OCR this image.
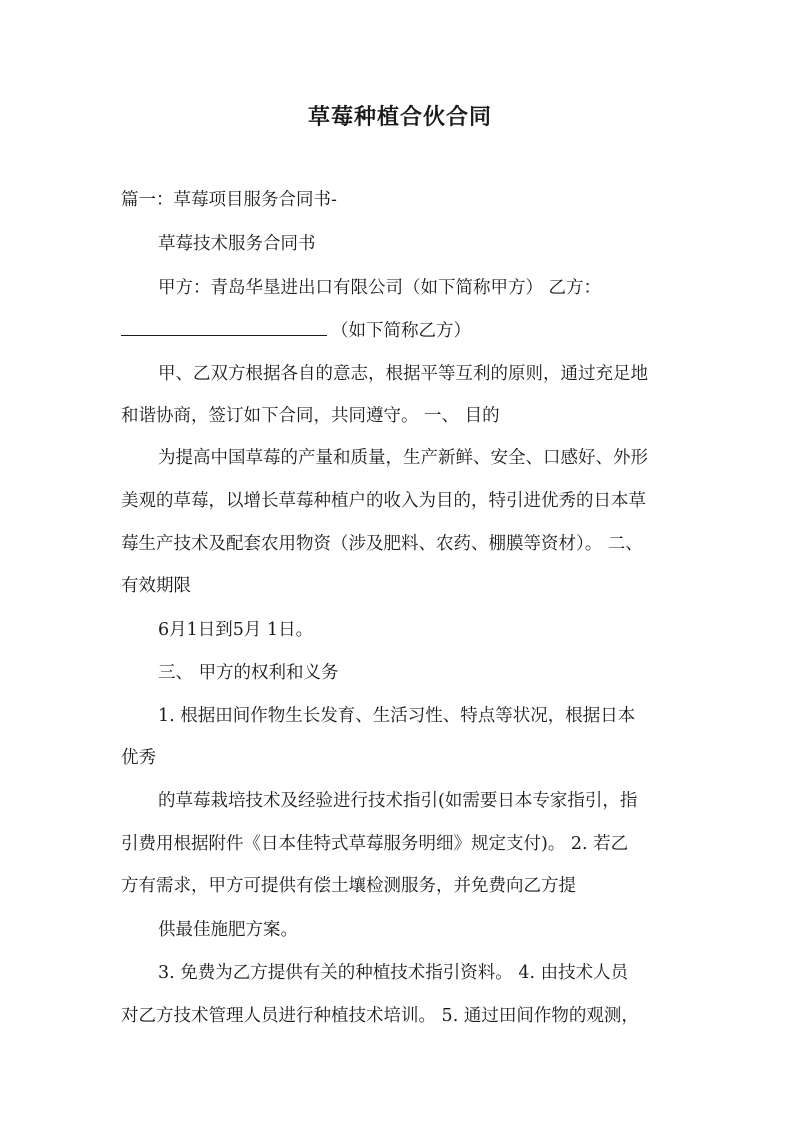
草莓种植合伙合同
篇一：草莓项目服务合同书-
草莓技术服务合同书
甲方：青岛华垦进出口有限公司（如下简称甲方） 乙方：
（如下简称乙方）
甲、乙双方根据各自的意志，根据平等互利的原则，通过充足地
和谐协商，签订如下合同，共同遵守。 一、 目的
为提高中国草莓的产量和质量，生产新鲜、安全、口感好、外形
美观的草莓，以增长草莓种植户的收入为目的，特引进优秀的日本草
莓生产技术及配套农用物资（涉及肥料、农药、棚膜等资材）。 二、
有效期限
6月1日到5月 1日。
三、 甲方的权利和义务
1. 根据田间作物生长发育、生活习性、特点等状况，根据日本
优秀
的草莓栽培技术及经验进行技术指引(如需要日本专家指引，指
引费用根据附件《日本佳特式草莓服务明细》规定支付)。 2. 若乙
方有需求，甲方可提供有偿土壤检测服务，并免费向乙方提
供最佳施肥方案。
3. 免费为乙方提供有关的种植技术指引资料。 4. 由技术人员
对乙方技术管理人员进行种植技术培训。 5. 通过田间作物的观测，
